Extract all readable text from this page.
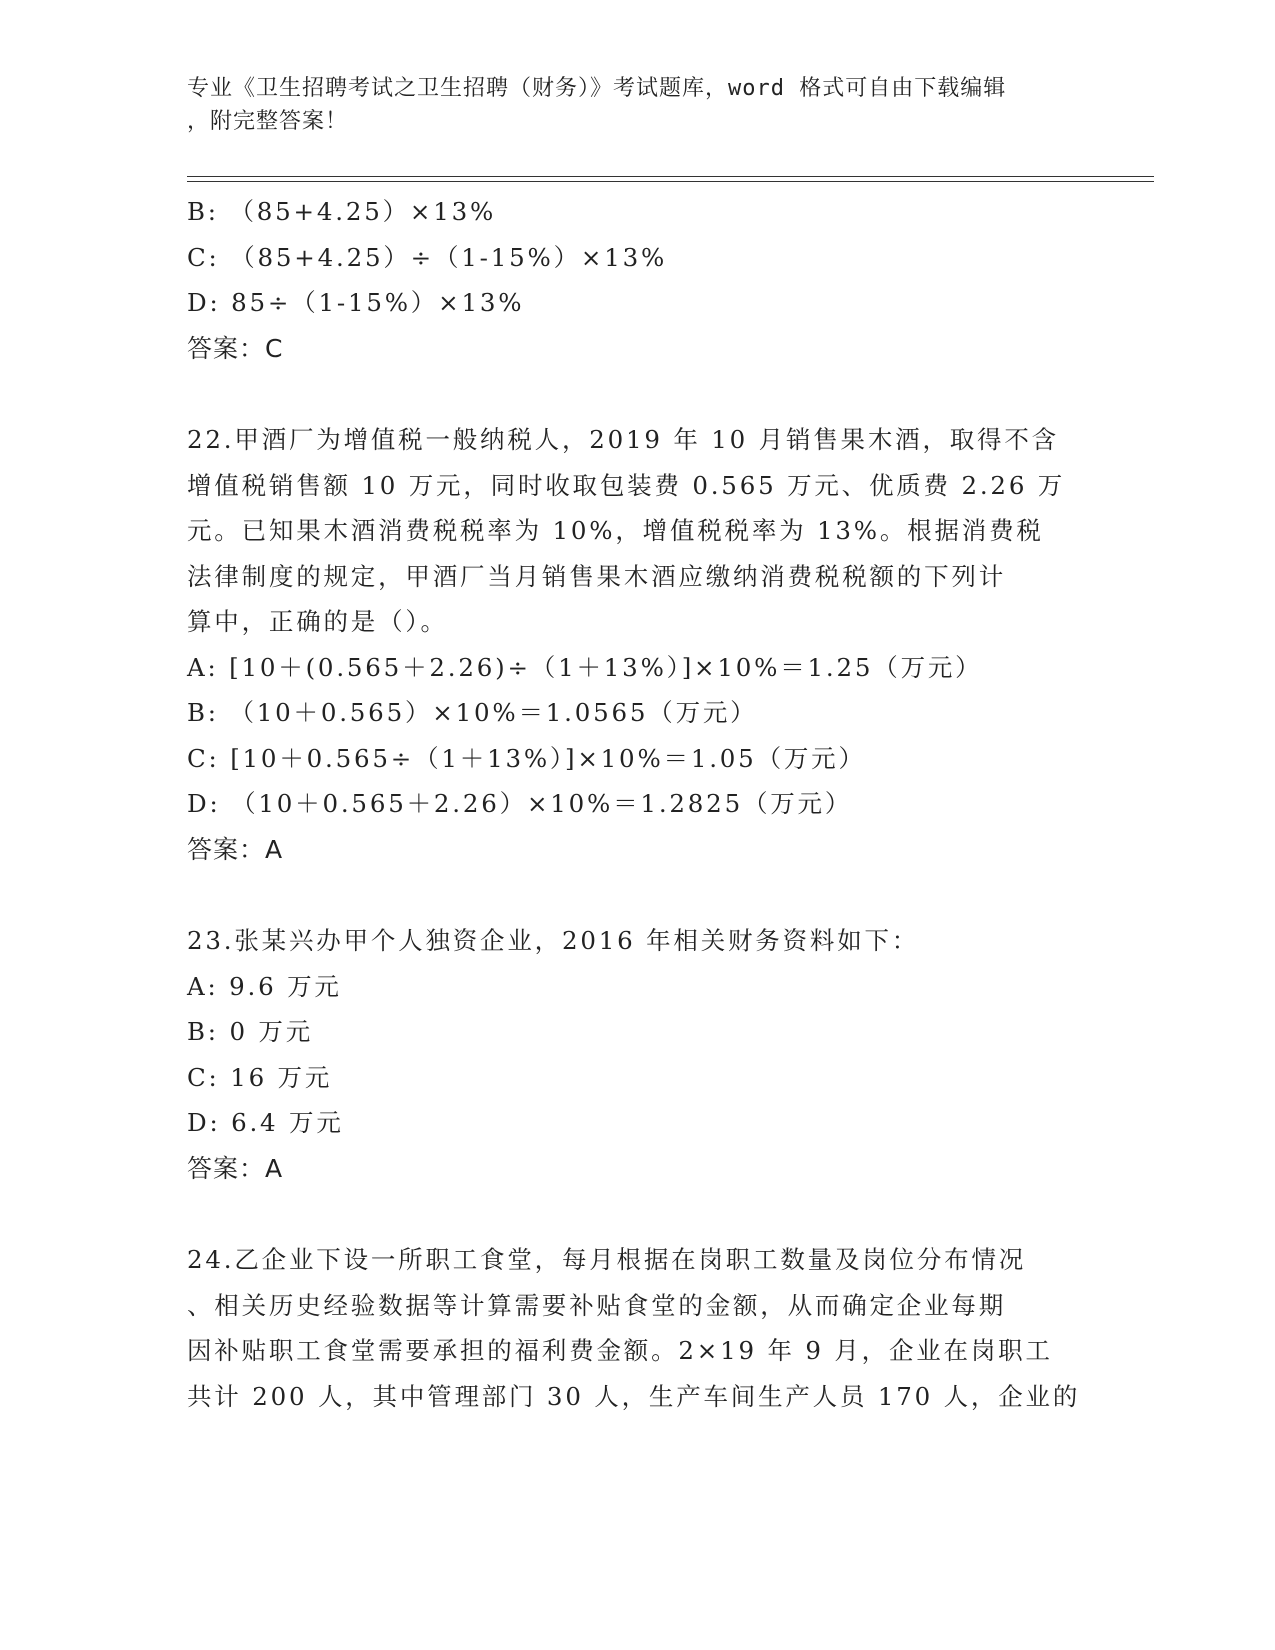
专业《卫生招聘考试之卫生招聘（财务）》考试题库，word 格式可自由下载编辑
，附完整答案！
B: （85+4.25）×13%
C: （85+4.25）÷（1-15%）×13%
D: 85÷（1-15%）×13%
答案：C
22.甲酒厂为增值税一般纳税人，2019 年 10 月销售果木酒，取得不含
增值税销售额 10 万元，同时收取包装费 0.565 万元、优质费 2.26 万
元。已知果木酒消费税税率为 10%，增值税税率为 13%。根据消费税
法律制度的规定，甲酒厂当月销售果木酒应缴纳消费税税额的下列计
算中，正确的是（）。
A: [10＋(0.565＋2.26)÷（1＋13%）]×10%＝1.25（万元）
B: （10＋0.565）×10%＝1.0565（万元）
C: [10＋0.565÷（1＋13%）]×10%＝1.05（万元）
D: （10＋0.565＋2.26）×10%＝1.2825（万元）
答案：A
23.张某兴办甲个人独资企业，2016 年相关财务资料如下：
A: 9.6 万元
B: 0 万元
C: 16 万元
D: 6.4 万元
答案：A
24.乙企业下设一所职工食堂，每月根据在岗职工数量及岗位分布情况
、相关历史经验数据等计算需要补贴食堂的金额，从而确定企业每期
因补贴职工食堂需要承担的福利费金额。2×19 年 9 月，企业在岗职工
共计 200 人，其中管理部门 30 人，生产车间生产人员 170 人，企业的
